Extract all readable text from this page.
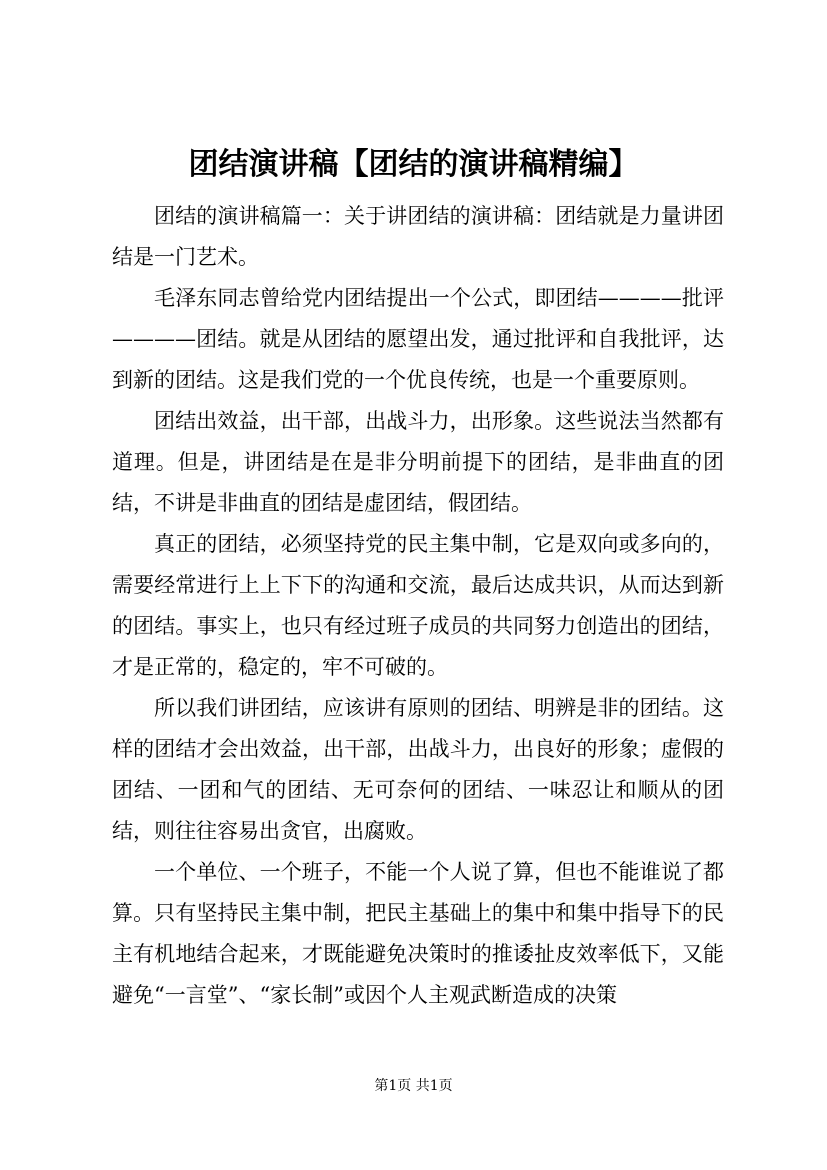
团结演讲稿【团结的演讲稿精编】

团结的演讲稿篇一：关于讲团结的演讲稿：团结就是力量讲团结是一门艺术。

毛泽东同志曾给党内团结提出一个公式，即团结————批评————团结。就是从团结的愿望出发，通过批评和自我批评，达到新的团结。这是我们党的一个优良传统，也是一个重要原则。

团结出效益，出干部，出战斗力，出形象。这些说法当然都有道理。但是，讲团结是在是非分明前提下的团结，是非曲直的团结，不讲是非曲直的团结是虚团结，假团结。

真正的团结，必须坚持党的民主集中制，它是双向或多向的，需要经常进行上上下下的沟通和交流，最后达成共识，从而达到新的团结。事实上，也只有经过班子成员的共同努力创造出的团结，才是正常的，稳定的，牢不可破的。

所以我们讲团结，应该讲有原则的团结、明辨是非的团结。这样的团结才会出效益，出干部，出战斗力，出良好的形象；虚假的团结、一团和气的团结、无可奈何的团结、一味忍让和顺从的团结，则往往容易出贪官，出腐败。

一个单位、一个班子，不能一个人说了算，但也不能谁说了都算。只有坚持民主集中制，把民主基础上的集中和集中指导下的民主有机地结合起来，才既能避免决策时的推诿扯皮效率低下，又能避免“一言堂”、“家长制”或因个人主观武断造成的决策

第1页 共1页
